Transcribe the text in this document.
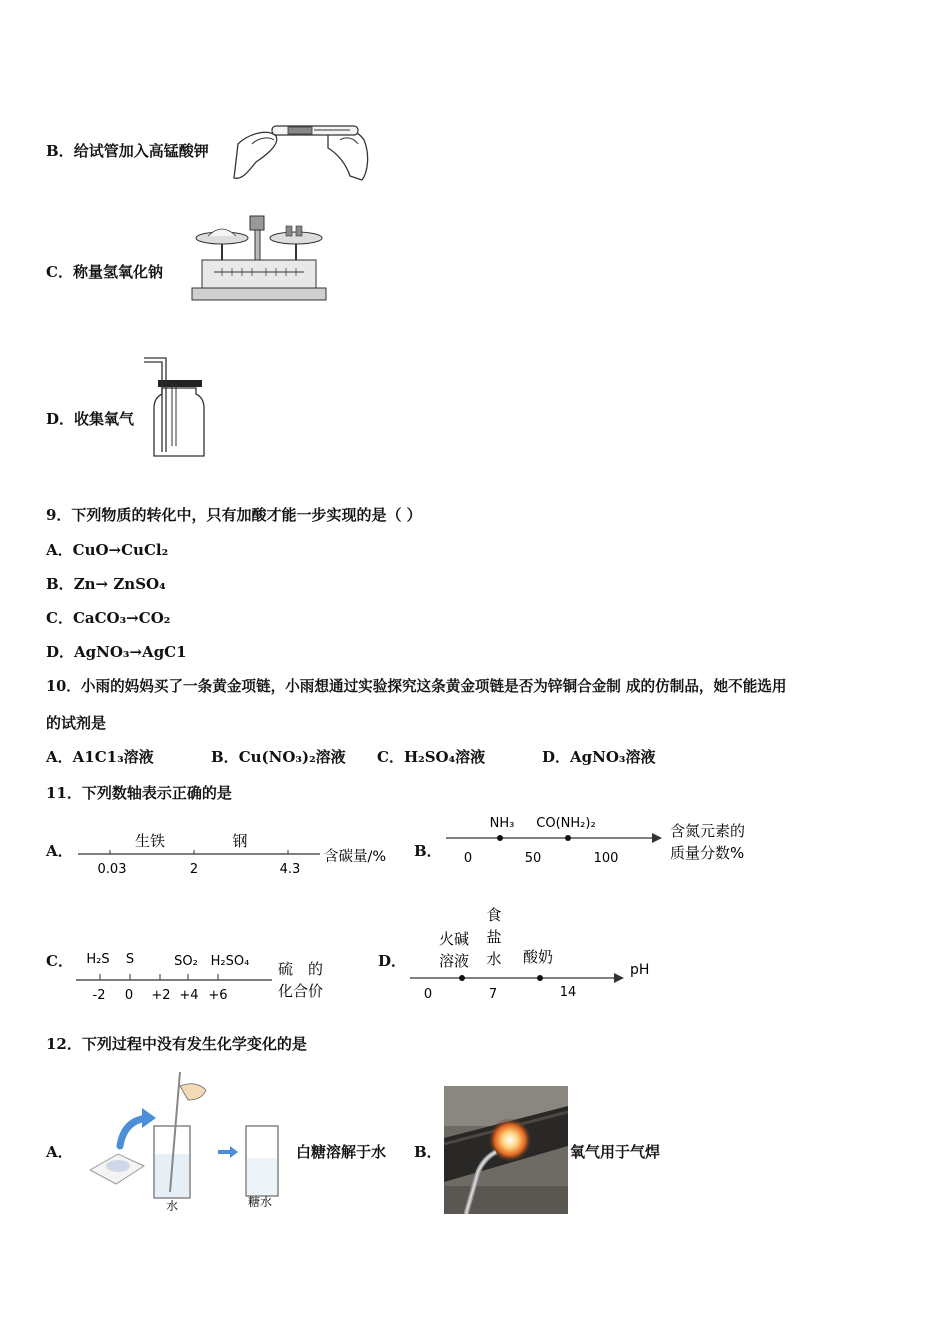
B．给试管加入高锰酸钾
C．称量氢氧化钠
D．收集氧气
9．下列物质的转化中，只有加酸才能一步实现的是（ ）
A．CuO→CuCl₂
B．Zn→ ZnSO₄
C．CaCO₃→CO₂
D．AgNO₃→AgC1
10．小雨的妈妈买了一条黄金项链，小雨想通过实验探究这条黄金项链是否为锌铜合金制 成的仿制品，她不能选用
的试剂是
A．A1C1₃溶液	B．Cu(NO₃)₂溶液 C．H₂SO₄溶液	D．AgNO₃溶液
11．下列数轴表示正确的是
A．
生铁	钢
0.03	2	4.3
含碳量/% B．
NH₃ CO(NH₂)₂
0	50	100
含氮元素的
质量分数%
C． H₂S S	SO₂ H₂SO₄
-2 0 +2 +4 +6
硫　的
化合价
D．
火碱
溶液
食
盐
水 酸奶
0	7	14
pH
12．下列过程中没有发生化学变化的是
A．
水	糖水
白糖溶解于水 B．	氧气用于气焊
